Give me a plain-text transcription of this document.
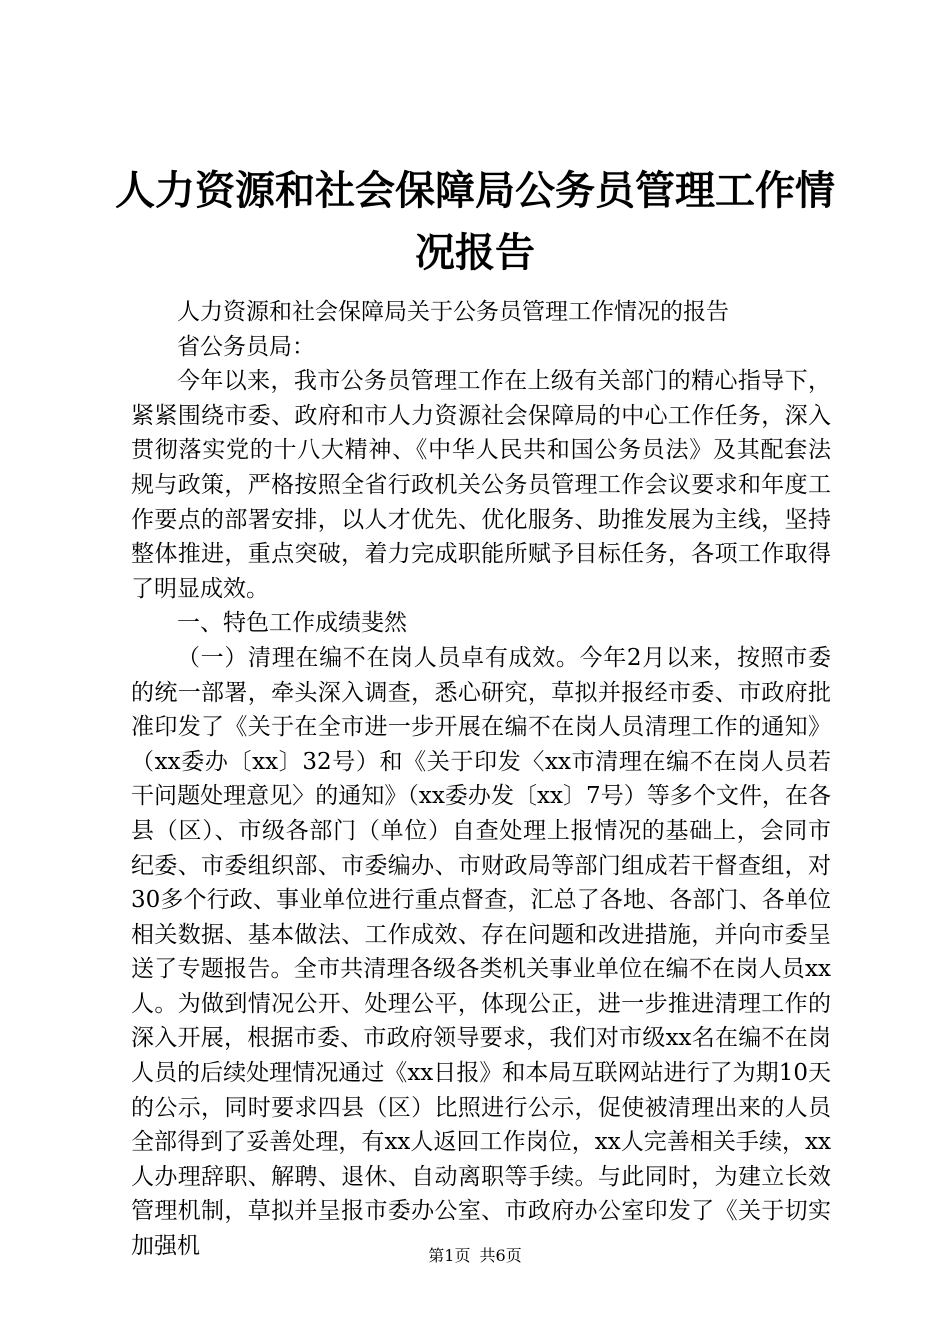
人力资源和社会保障局公务员管理工作情况报告

人力资源和社会保障局关于公务员管理工作情况的报告

省公务员局：

今年以来，我市公务员管理工作在上级有关部门的精心指导下，紧紧围绕市委、政府和市人力资源社会保障局的中心工作任务，深入贯彻落实党的十八大精神、《中华人民共和国公务员法》及其配套法规与政策，严格按照全省行政机关公务员管理工作会议要求和年度工作要点的部署安排，以人才优先、优化服务、助推发展为主线，坚持整体推进，重点突破，着力完成职能所赋予目标任务，各项工作取得了明显成效。

一、特色工作成绩斐然

（一）清理在编不在岗人员卓有成效。今年2月以来，按照市委的统一部署，牵头深入调查，悉心研究，草拟并报经市委、市政府批准印发了《关于在全市进一步开展在编不在岗人员清理工作的通知》（xx委办〔xx〕32号）和《关于印发〈xx市清理在编不在岗人员若干问题处理意见〉的通知》（xx委办发〔xx〕7号）等多个文件，在各县（区）、市级各部门（单位）自查处理上报情况的基础上，会同市纪委、市委组织部、市委编办、市财政局等部门组成若干督查组，对30多个行政、事业单位进行重点督查，汇总了各地、各部门、各单位相关数据、基本做法、工作成效、存在问题和改进措施，并向市委呈送了专题报告。全市共清理各级各类机关事业单位在编不在岗人员xx人。为做到情况公开、处理公平，体现公正，进一步推进清理工作的深入开展，根据市委、市政府领导要求，我们对市级xx名在编不在岗人员的后续处理情况通过《xx日报》和本局互联网站进行了为期10天的公示，同时要求四县（区）比照进行公示，促使被清理出来的人员全部得到了妥善处理，有xx人返回工作岗位，xx人完善相关手续，xx人办理辞职、解聘、退休、自动离职等手续。与此同时，为建立长效管理机制，草拟并呈报市委办公室、市政府办公室印发了《关于切实加强机	第1页 共6页
